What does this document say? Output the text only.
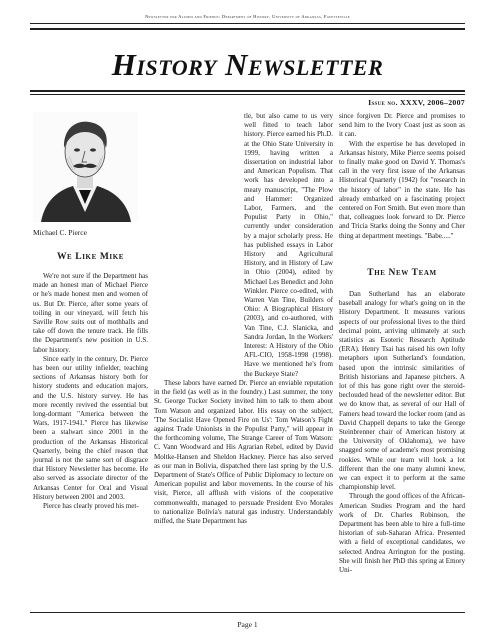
Newsletter for Alumni and Friends: Department of History, University of Arkansas, Fayetteville
History Newsletter
Issue no. XXXV, 2006–2007
Michael C. Pierce
We Like Mike

We're not sure if the Department has made an honest man of Michael Pierce or he's made honest men and women of us. But Dr. Pierce, after some years of toiling in our vineyard, will fetch his Saville Row suits out of mothballs and take off down the tenure track. He fills the Department's new position in U.S. labor history.

Since early in the century, Dr. Pierce has been our utility infielder, teaching sections of Arkansas history both for history students and education majors, and the U.S. history survey. He has more recently revived the essential but long-dormant "America between the Wars, 1917-1941." Pierce has likewise been a stalwart since 2001 in the production of the Arkansas Historical Quarterly, being the chief reason that journal is not the same sort of disgrace that History Newsletter has become. He also served as associate director of the Arkansas Center for Oral and Visual History between 2001 and 2003.

Pierce has clearly proved his met-

tle, but also came to us very well fitted to teach labor history. Pierce earned his Ph.D. at the Ohio State University in 1999, having written a dissertation on industrial labor and American Populism. That work has developed into a meaty manuscript, "The Plow and Hammer: Organized Labor, Farmers, and the Populist Party in Ohio," currently under consideration by a major scholarly press. He has published essays in Labor History and Agricultural History, and in History of Law in Ohio (2004), edited by Michael Les Benedict and John Winkler. Pierce co-edited, with Warren Van Tine, Builders of Ohio: A Biographical History (2003), and co-authored, with Van Tine, C.J. Slanicka, and Sandra Jordan, In the Workers' Interest: A History of the Ohio AFL-CIO, 1958-1998 (1998). Have we mentioned he's from the Buckeye State?

These labors have earned Dr. Pierce an enviable reputation in the field (as well as in the foundry.) Last summer, the tony St. George Tucker Society invited him to talk to them about Tom Watson and organized labor. His essay on the subject, 'The Socialist Have Opened Fire on Us': Tom Watson's Fight against Trade Unionists in the Populist Party," will appear in the forthcoming volume, The Strange Career of Tom Watson: C. Vann Woodward and His Agrarian Rebel, edited by David Moltke-Hansen and Sheldon Hackney. Pierce has also served as our man in Bolivia, dispatched there last spring by the U.S. Department of State's Office of Public Diplomacy to lecture on American populist and labor movements. In the course of his visit, Pierce, all afflush with visions of the cooperative commonwealth, managed to persuade President Evo Morales to nationalize Bolivia's natural gas industry. Understandably miffed, the State Department has

since forgiven Dr. Pierce and promises to send him to the Ivory Coast just as soon as it can.

With the expertise he has developed in Arkansas history, Mike Pierce seems poised to finally make good on David Y. Thomas's call in the very first issue of the Arkansas Historical Quarterly (1942) for "research in the history of labor" in the state. He has already embarked on a fascinating project centered on Fort Smith. But even more than that, colleagues look forward to Dr. Pierce and Tricia Starks doing the Sonny and Cher thing at department meetings. "Babe....."

The New Team

Dan Sutherland has an elaborate baseball analogy for what's going on in the History Department. It measures various aspects of our professional lives to the third decimal point, arriving ultimately at such statistics as Esoteric Research Aptitude (ERA). Henry Tsai has raised his own lofty metaphors upon Sutherland's foundation, based upon the intrinsic similarities of British historians and Japanese pitchers. A lot of this has gone right over the steroid-beclouded head of the newsletter editor. But we do know that, as several of our Hall of Famers head toward the locker room (and as David Chappell departs to take the George Steinbrenner chair of American history at the University of Oklahoma), we have snagged some of academe's most promising rookies. While our team will look a lot different than the one many alumni knew, we can expect it to perform at the same championship level.

Through the good offices of the African-American Studies Program and the hard work of Dr. Charles Robinson, the Department has been able to hire a full-time historian of sub-Saharan Africa. Presented with a field of exceptional candidates, we selected Andrea Arrington for the posting. She will finish her PhD this spring at Emory Uni-

Page 1
